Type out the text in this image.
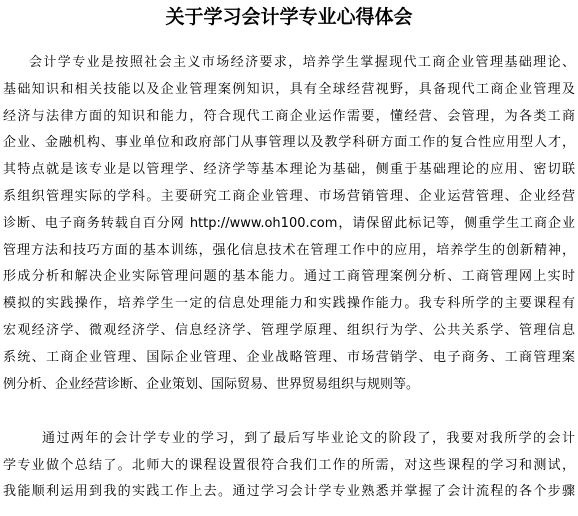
关于学习会计学专业心得体会
会计学专业是按照社会主义市场经济要求，培养学生掌握现代工商企业管理基础理论、
基础知识和相关技能以及企业管理案例知识，具有全球经营视野，具备现代工商企业管理及
经济与法律方面的知识和能力，符合现代工商企业运作需要，懂经营、会管理，为各类工商
企业、金融机构、事业单位和政府部门从事管理以及教学科研方面工作的复合性应用型人才，
其特点就是该专业是以管理学、经济学等基本理论为基础，侧重于基础理论的应用、密切联
系组织管理实际的学科。主要研究工商企业管理、市场营销管理、企业运营管理、企业经营
诊断、电子商务转载自百分网 http://www.oh100.com，请保留此标记等，侧重学生工商企业
管理方法和技巧方面的基本训练，强化信息技术在管理工作中的应用，培养学生的创新精神，
形成分析和解决企业实际管理问题的基本能力。通过工商管理案例分析、工商管理网上实时
模拟的实践操作，培养学生一定的信息处理能力和实践操作能力。我专科所学的主要课程有
宏观经济学、微观经济学、信息经济学、管理学原理、组织行为学、公共关系学、管理信息
系统、工商企业管理、国际企业管理、企业战略管理、市场营销学、电子商务、工商管理案
例分析、企业经营诊断、企业策划、国际贸易、世界贸易组织与规则等。
通过两年的会计学专业的学习，到了最后写毕业论文的阶段了，我要对我所学的会计
学专业做个总结了。北师大的课程设置很符合我们工作的所需，对这些课程的学习和测试，
我能顺利运用到我的实践工作上去。通过学习会计学专业熟悉并掌握了会计流程的各个步骤
